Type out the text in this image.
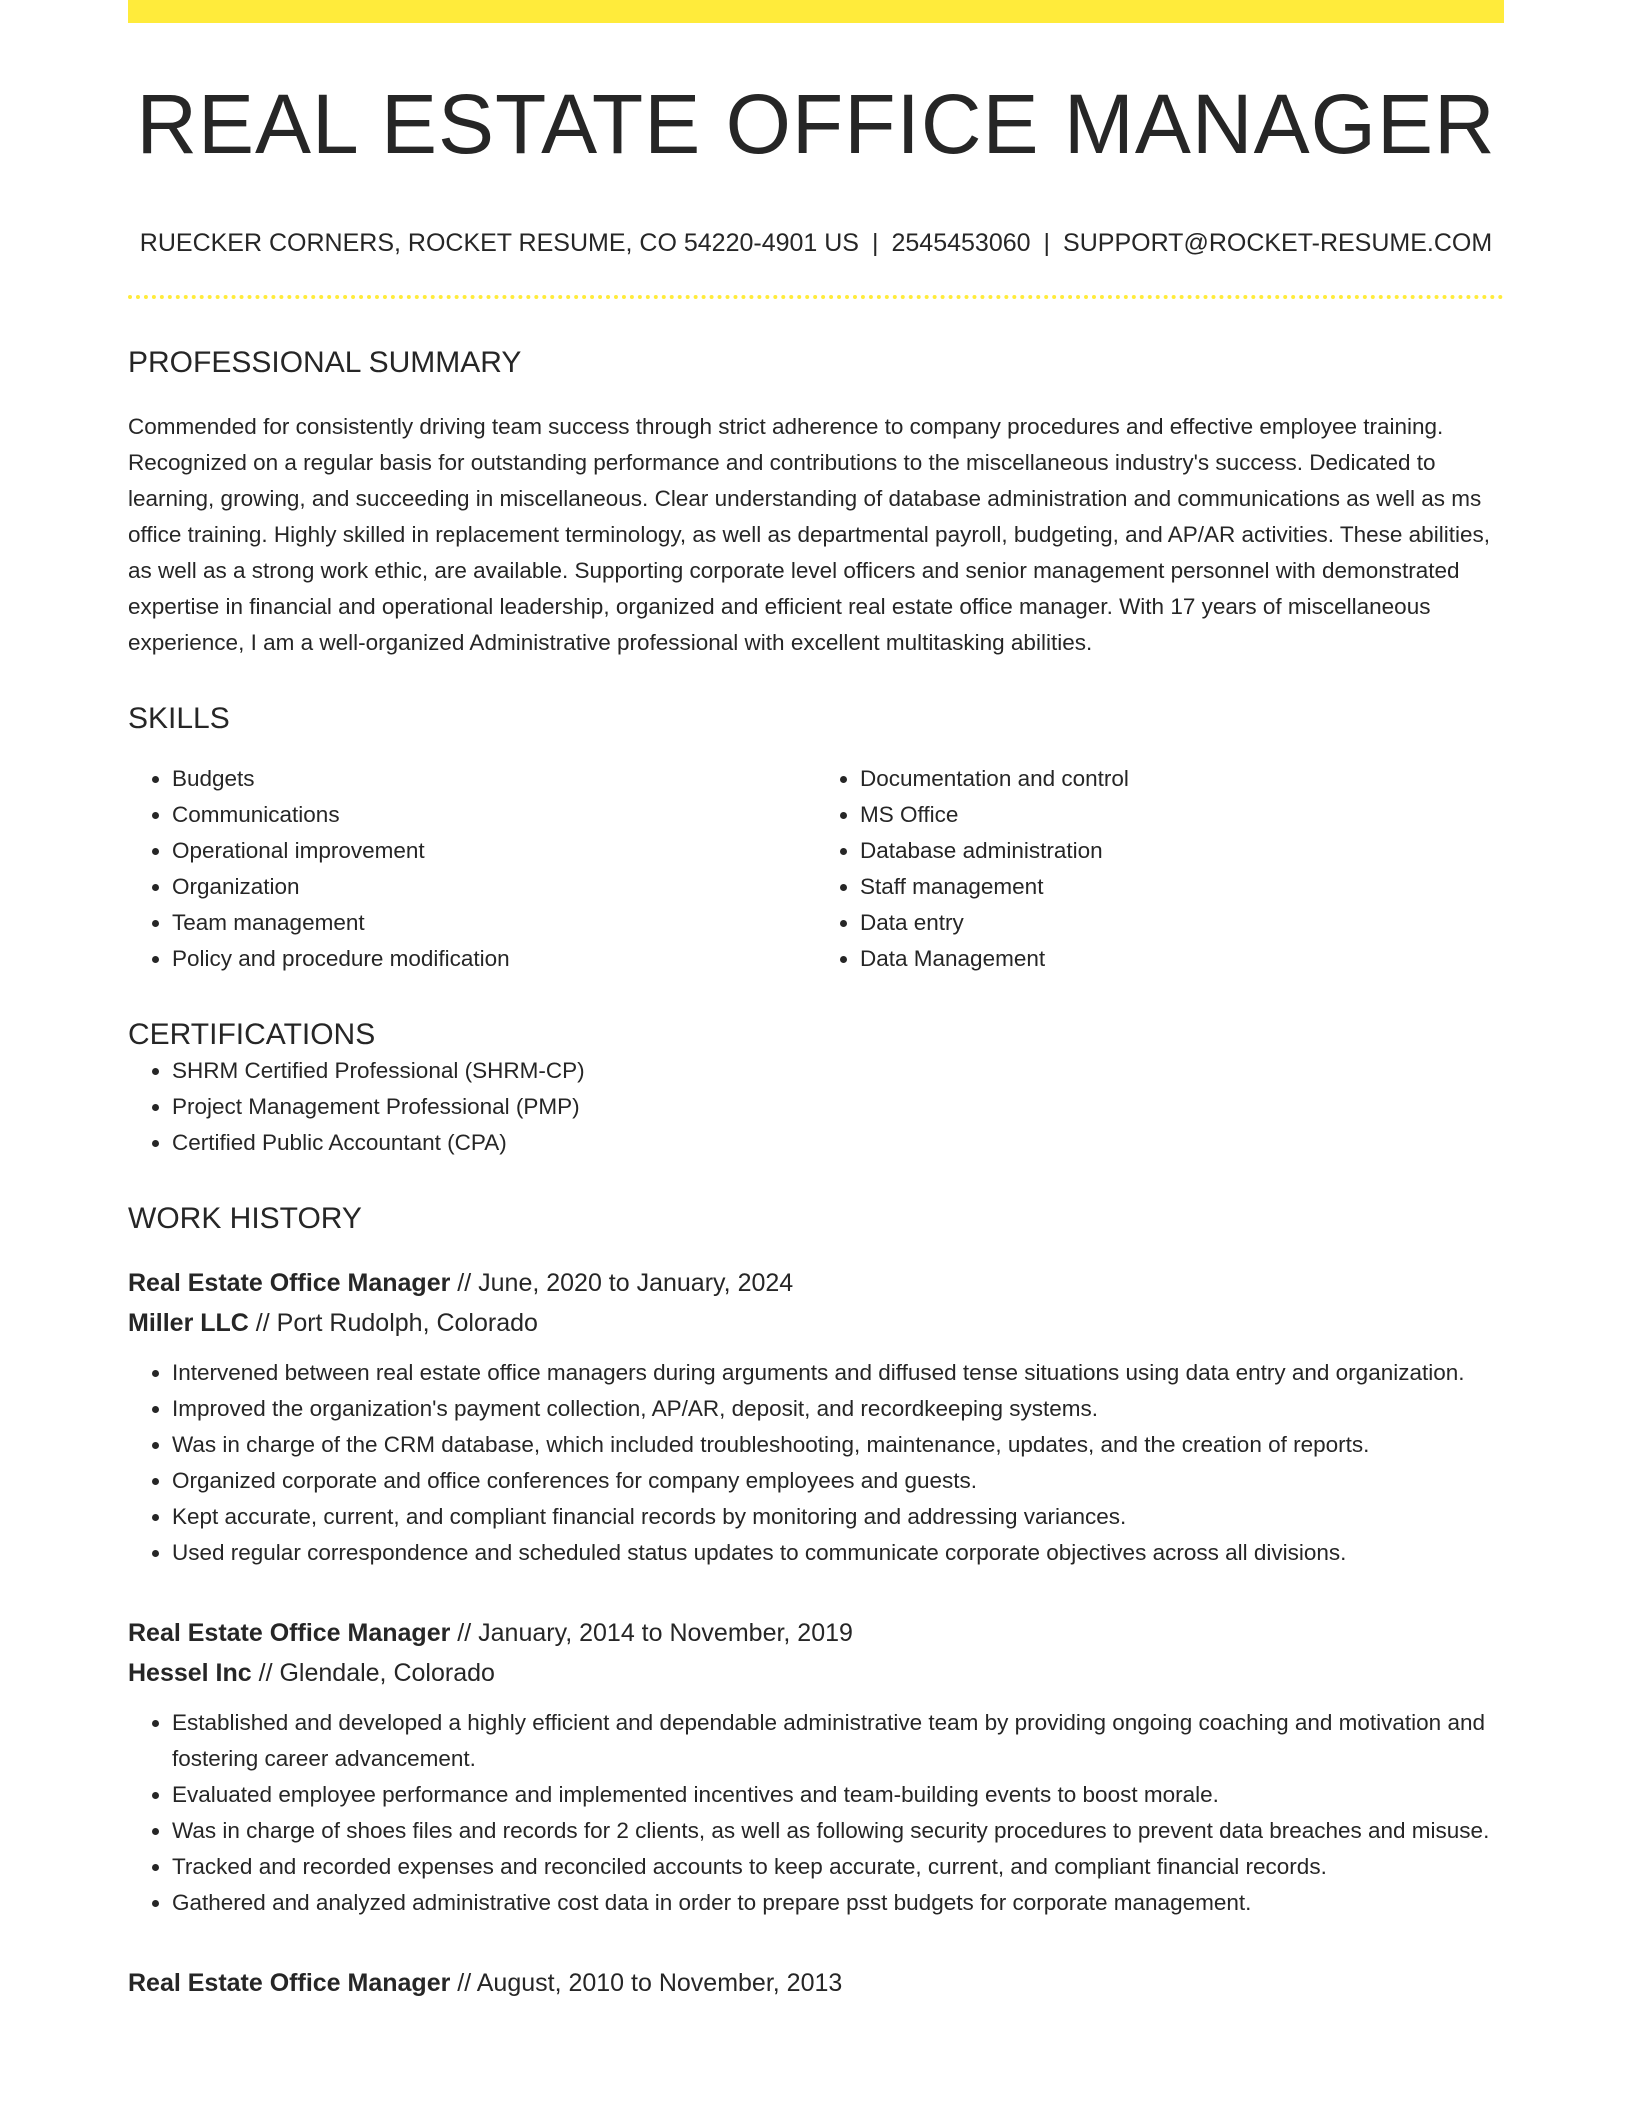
REAL ESTATE OFFICE MANAGER
RUECKER CORNERS, ROCKET RESUME, CO 54220-4901 US | 2545453060 | SUPPORT@ROCKET-RESUME.COM
PROFESSIONAL SUMMARY

Commended for consistently driving team success through strict adherence to company procedures and effective employee training. Recognized on a regular basis for outstanding performance and contributions to the miscellaneous industry's success. Dedicated to learning, growing, and succeeding in miscellaneous. Clear understanding of database administration and communications as well as ms office training. Highly skilled in replacement terminology, as well as departmental payroll, budgeting, and AP/AR activities. These abilities, as well as a strong work ethic, are available. Supporting corporate level officers and senior management personnel with demonstrated expertise in financial and operational leadership, organized and efficient real estate office manager. With 17 years of miscellaneous experience, I am a well-organized Administrative professional with excellent multitasking abilities.

SKILLS
• Budgets
• Communications
• Operational improvement
• Organization
• Team management
• Policy and procedure modification
• Documentation and control
• MS Office
• Database administration
• Staff management
• Data entry
• Data Management
CERTIFICATIONS
• SHRM Certified Professional (SHRM-CP)
• Project Management Professional (PMP)
• Certified Public Accountant (CPA)
WORK HISTORY
Real Estate Office Manager // June, 2020 to January, 2024
Miller LLC // Port Rudolph, Colorado
• Intervened between real estate office managers during arguments and diffused tense situations using data entry and organization.
• Improved the organization's payment collection, AP/AR, deposit, and recordkeeping systems.
• Was in charge of the CRM database, which included troubleshooting, maintenance, updates, and the creation of reports.
• Organized corporate and office conferences for company employees and guests.
• Kept accurate, current, and compliant financial records by monitoring and addressing variances.
• Used regular correspondence and scheduled status updates to communicate corporate objectives across all divisions.
Real Estate Office Manager // January, 2014 to November, 2019
Hessel Inc // Glendale, Colorado
• Established and developed a highly efficient and dependable administrative team by providing ongoing coaching and motivation and fostering career advancement.
• Evaluated employee performance and implemented incentives and team-building events to boost morale.
• Was in charge of shoes files and records for 2 clients, as well as following security procedures to prevent data breaches and misuse.
• Tracked and recorded expenses and reconciled accounts to keep accurate, current, and compliant financial records.
• Gathered and analyzed administrative cost data in order to prepare psst budgets for corporate management.
Real Estate Office Manager // August, 2010 to November, 2013
